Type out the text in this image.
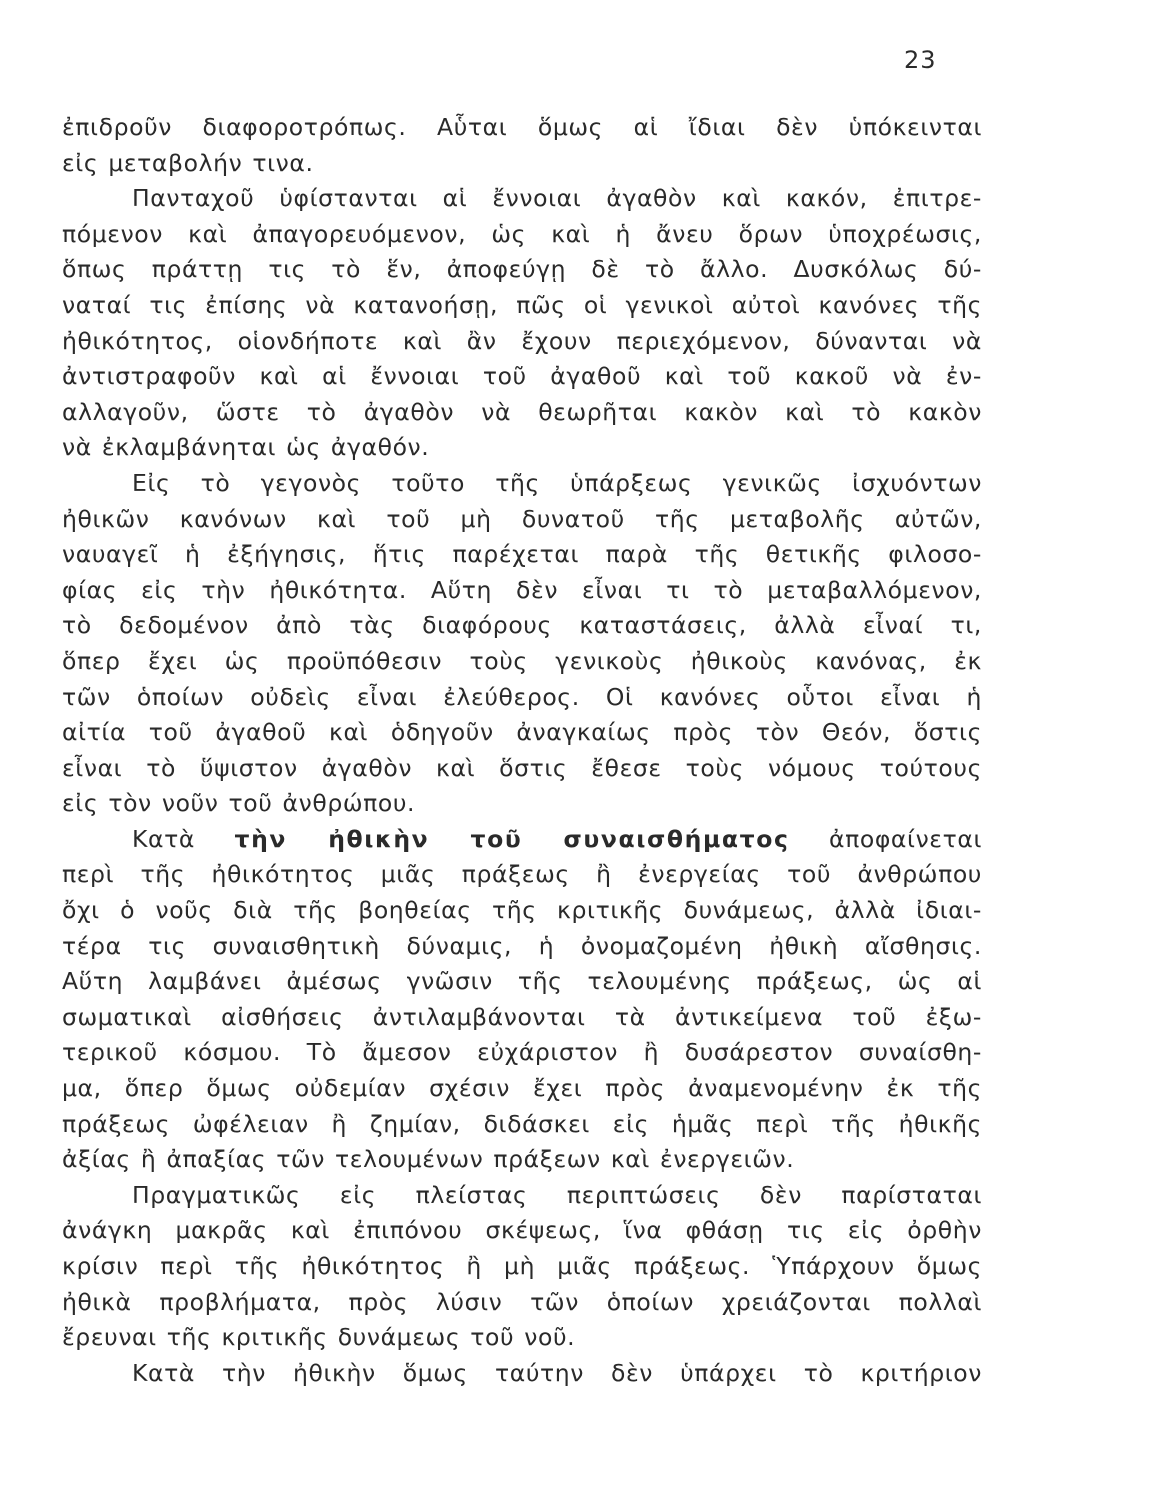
23
ἐπιδροῦν διαφοροτρόπως. Αὗται ὅμως αἱ ἴδιαι δὲν ὑπόκεινται
εἰς μεταβολήν τινα.
Πανταχοῦ ὑφίστανται αἱ ἔννοιαι ἀγαθὸν καὶ κακόν, ἐπιτρε-
πόμενον καὶ ἀπαγορευόμενον, ὡς καὶ ἡ ἄνευ ὅρων ὑποχρέωσις,
ὅπως πράττῃ τις τὸ ἕν, ἀποφεύγῃ δὲ τὸ ἄλλο. Δυσκόλως δύ-
ναταί τις ἐπίσης νὰ κατανοήσῃ, πῶς οἱ γενικοὶ αὐτοὶ κανόνες τῆς
ἠθικότητος, οἱονδήποτε καὶ ἂν ἔχουν περιεχόμενον, δύνανται νὰ
ἀντιστραφοῦν καὶ αἱ ἔννοιαι τοῦ ἀγαθοῦ καὶ τοῦ κακοῦ νὰ ἐν-
αλλαγοῦν, ὥστε τὸ ἀγαθὸν νὰ θεωρῆται κακὸν καὶ τὸ κακὸν
νὰ ἐκλαμβάνηται ὡς ἀγαθόν.
Εἰς τὸ γεγονὸς τοῦτο τῆς ὑπάρξεως γενικῶς ἰσχυόντων
ἠθικῶν κανόνων καὶ τοῦ μὴ δυνατοῦ τῆς μεταβολῆς αὐτῶν,
ναυαγεῖ ἡ ἐξήγησις, ἥτις παρέχεται παρὰ τῆς θετικῆς φιλοσο-
φίας εἰς τὴν ἠθικότητα. Αὕτη δὲν εἶναι τι τὸ μεταβαλλόμενον,
τὸ δεδομένον ἀπὸ τὰς διαφόρους καταστάσεις, ἀλλὰ εἶναί τι,
ὅπερ ἔχει ὡς προϋπόθεσιν τοὺς γενικοὺς ἠθικοὺς κανόνας, ἐκ
τῶν ὁποίων οὐδεὶς εἶναι ἐλεύθερος. Οἱ κανόνες οὗτοι εἶναι ἡ
αἰτία τοῦ ἀγαθοῦ καὶ ὁδηγοῦν ἀναγκαίως πρὸς τὸν Θεόν, ὅστις
εἶναι τὸ ὕψιστον ἀγαθὸν καὶ ὅστις ἔθεσε τοὺς νόμους τούτους
εἰς τὸν νοῦν τοῦ ἀνθρώπου.
Κατὰ τὴν ἠθικὴν τοῦ συναισθήματος ἀποφαίνεται
περὶ τῆς ἠθικότητος μιᾶς πράξεως ἢ ἐνεργείας τοῦ ἀνθρώπου
ὄχι ὁ νοῦς διὰ τῆς βοηθείας τῆς κριτικῆς δυνάμεως, ἀλλὰ ἰδιαι-
τέρα τις συναισθητικὴ δύναμις, ἡ ὀνομαζομένη ἠθικὴ αἴσθησις.
Αὕτη λαμβάνει ἀμέσως γνῶσιν τῆς τελουμένης πράξεως, ὡς αἱ
σωματικαὶ αἰσθήσεις ἀντιλαμβάνονται τὰ ἀντικείμενα τοῦ ἐξω-
τερικοῦ κόσμου. Τὸ ἄμεσον εὐχάριστον ἢ δυσάρεστον συναίσθη-
μα, ὅπερ ὅμως οὐδεμίαν σχέσιν ἔχει πρὸς ἀναμενομένην ἐκ τῆς
πράξεως ὠφέλειαν ἢ ζημίαν, διδάσκει εἰς ἡμᾶς περὶ τῆς ἠθικῆς
ἀξίας ἢ ἀπαξίας τῶν τελουμένων πράξεων καὶ ἐνεργειῶν.
Πραγματικῶς εἰς πλείστας περιπτώσεις δὲν παρίσταται
ἀνάγκη μακρᾶς καὶ ἐπιπόνου σκέψεως, ἵνα φθάσῃ τις εἰς ὀρθὴν
κρίσιν περὶ τῆς ἠθικότητος ἢ μὴ μιᾶς πράξεως. Ὑπάρχουν ὅμως
ἠθικὰ προβλήματα, πρὸς λύσιν τῶν ὁποίων χρειάζονται πολλαὶ
ἔρευναι τῆς κριτικῆς δυνάμεως τοῦ νοῦ.
Κατὰ τὴν ἠθικὴν ὅμως ταύτην δὲν ὑπάρχει τὸ κριτήριον
